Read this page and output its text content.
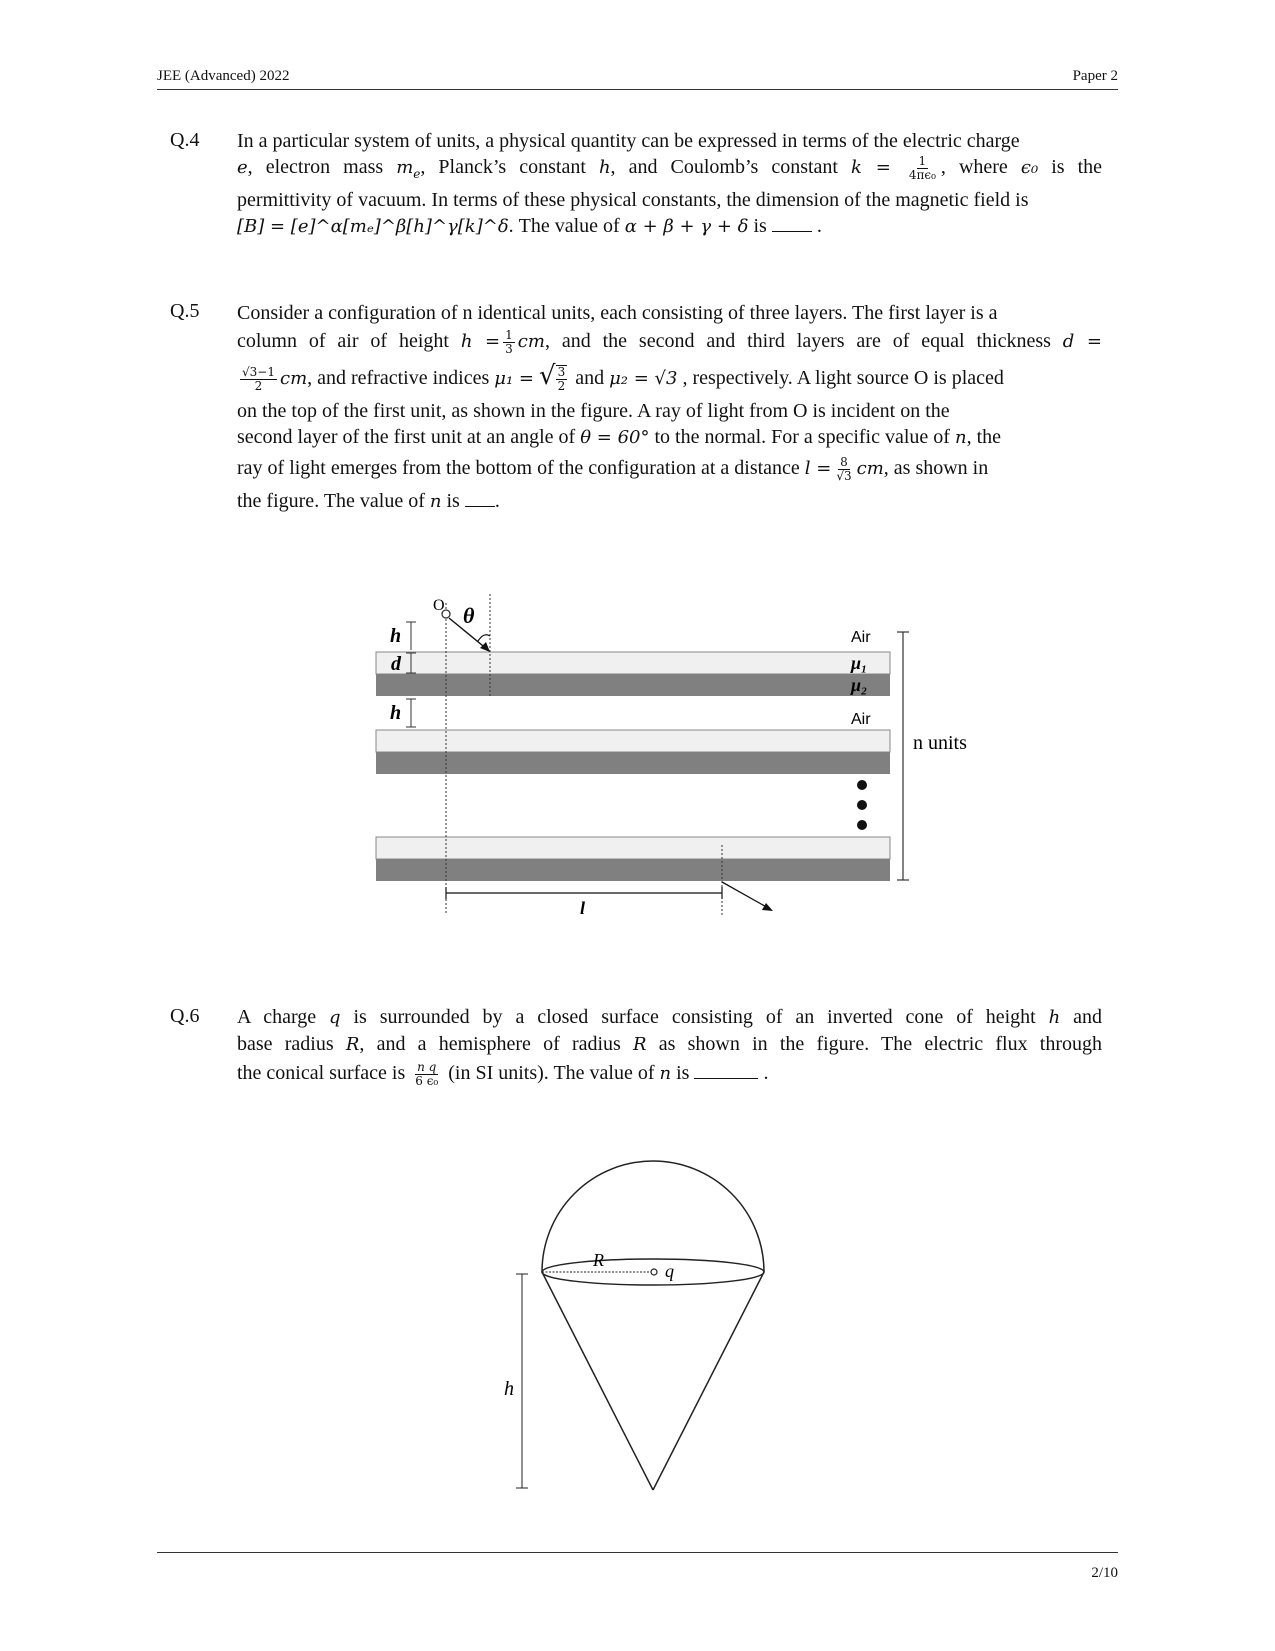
JEE (Advanced) 2022	Paper 2
Q.4 In a particular system of units, a physical quantity can be expressed in terms of the electric charge

e, electron mass $m_e$, Planck’s constant h, and Coulomb’s constant $k = \frac{1}{\text{4πϵ₀}}$ , where ϵ₀ is the

permittivity of vacuum. In terms of these physical constants, the dimension of the magnetic field is

[B] = [e]^α[mₑ]^β[h]^γ[k]^δ. The value of α + β + γ + δ is  .

Q.5 Consider a configuration of n identical units, each consisting of three layers. The first layer is a

column of air of height $h = \frac{1}{3}$ cm, and the second and third layers are of equal thickness d =

$\frac{√3-1}{2}$ cm, and refractive indices μ₁ = √ $\frac{3}{2}$ and μ₂ = √3 , respectively. A light source O is placed

on the top of the first unit, as shown in the figure. A ray of light from O is incident on the

second layer of the first unit at an angle of θ = 60° to the normal. For a specific value of n, the

ray of light emerges from the bottom of the configuration at a distance $l = \frac{8}{√3}$ cm, as shown in

the figure. The value of n is .

O θ
h
d
h
Air
μ₁
μ₂
Air
n units
l
Q.6 A charge q is surrounded by a closed surface consisting of an inverted cone of height h and

base radius R, and a hemisphere of radius R as shown in the figure. The electric flux through

the conical surface is $\frac{\text{n q}}{\text{6 ϵ₀}} (in$ SI units). The value of n is	.

R
q
h
2/10
